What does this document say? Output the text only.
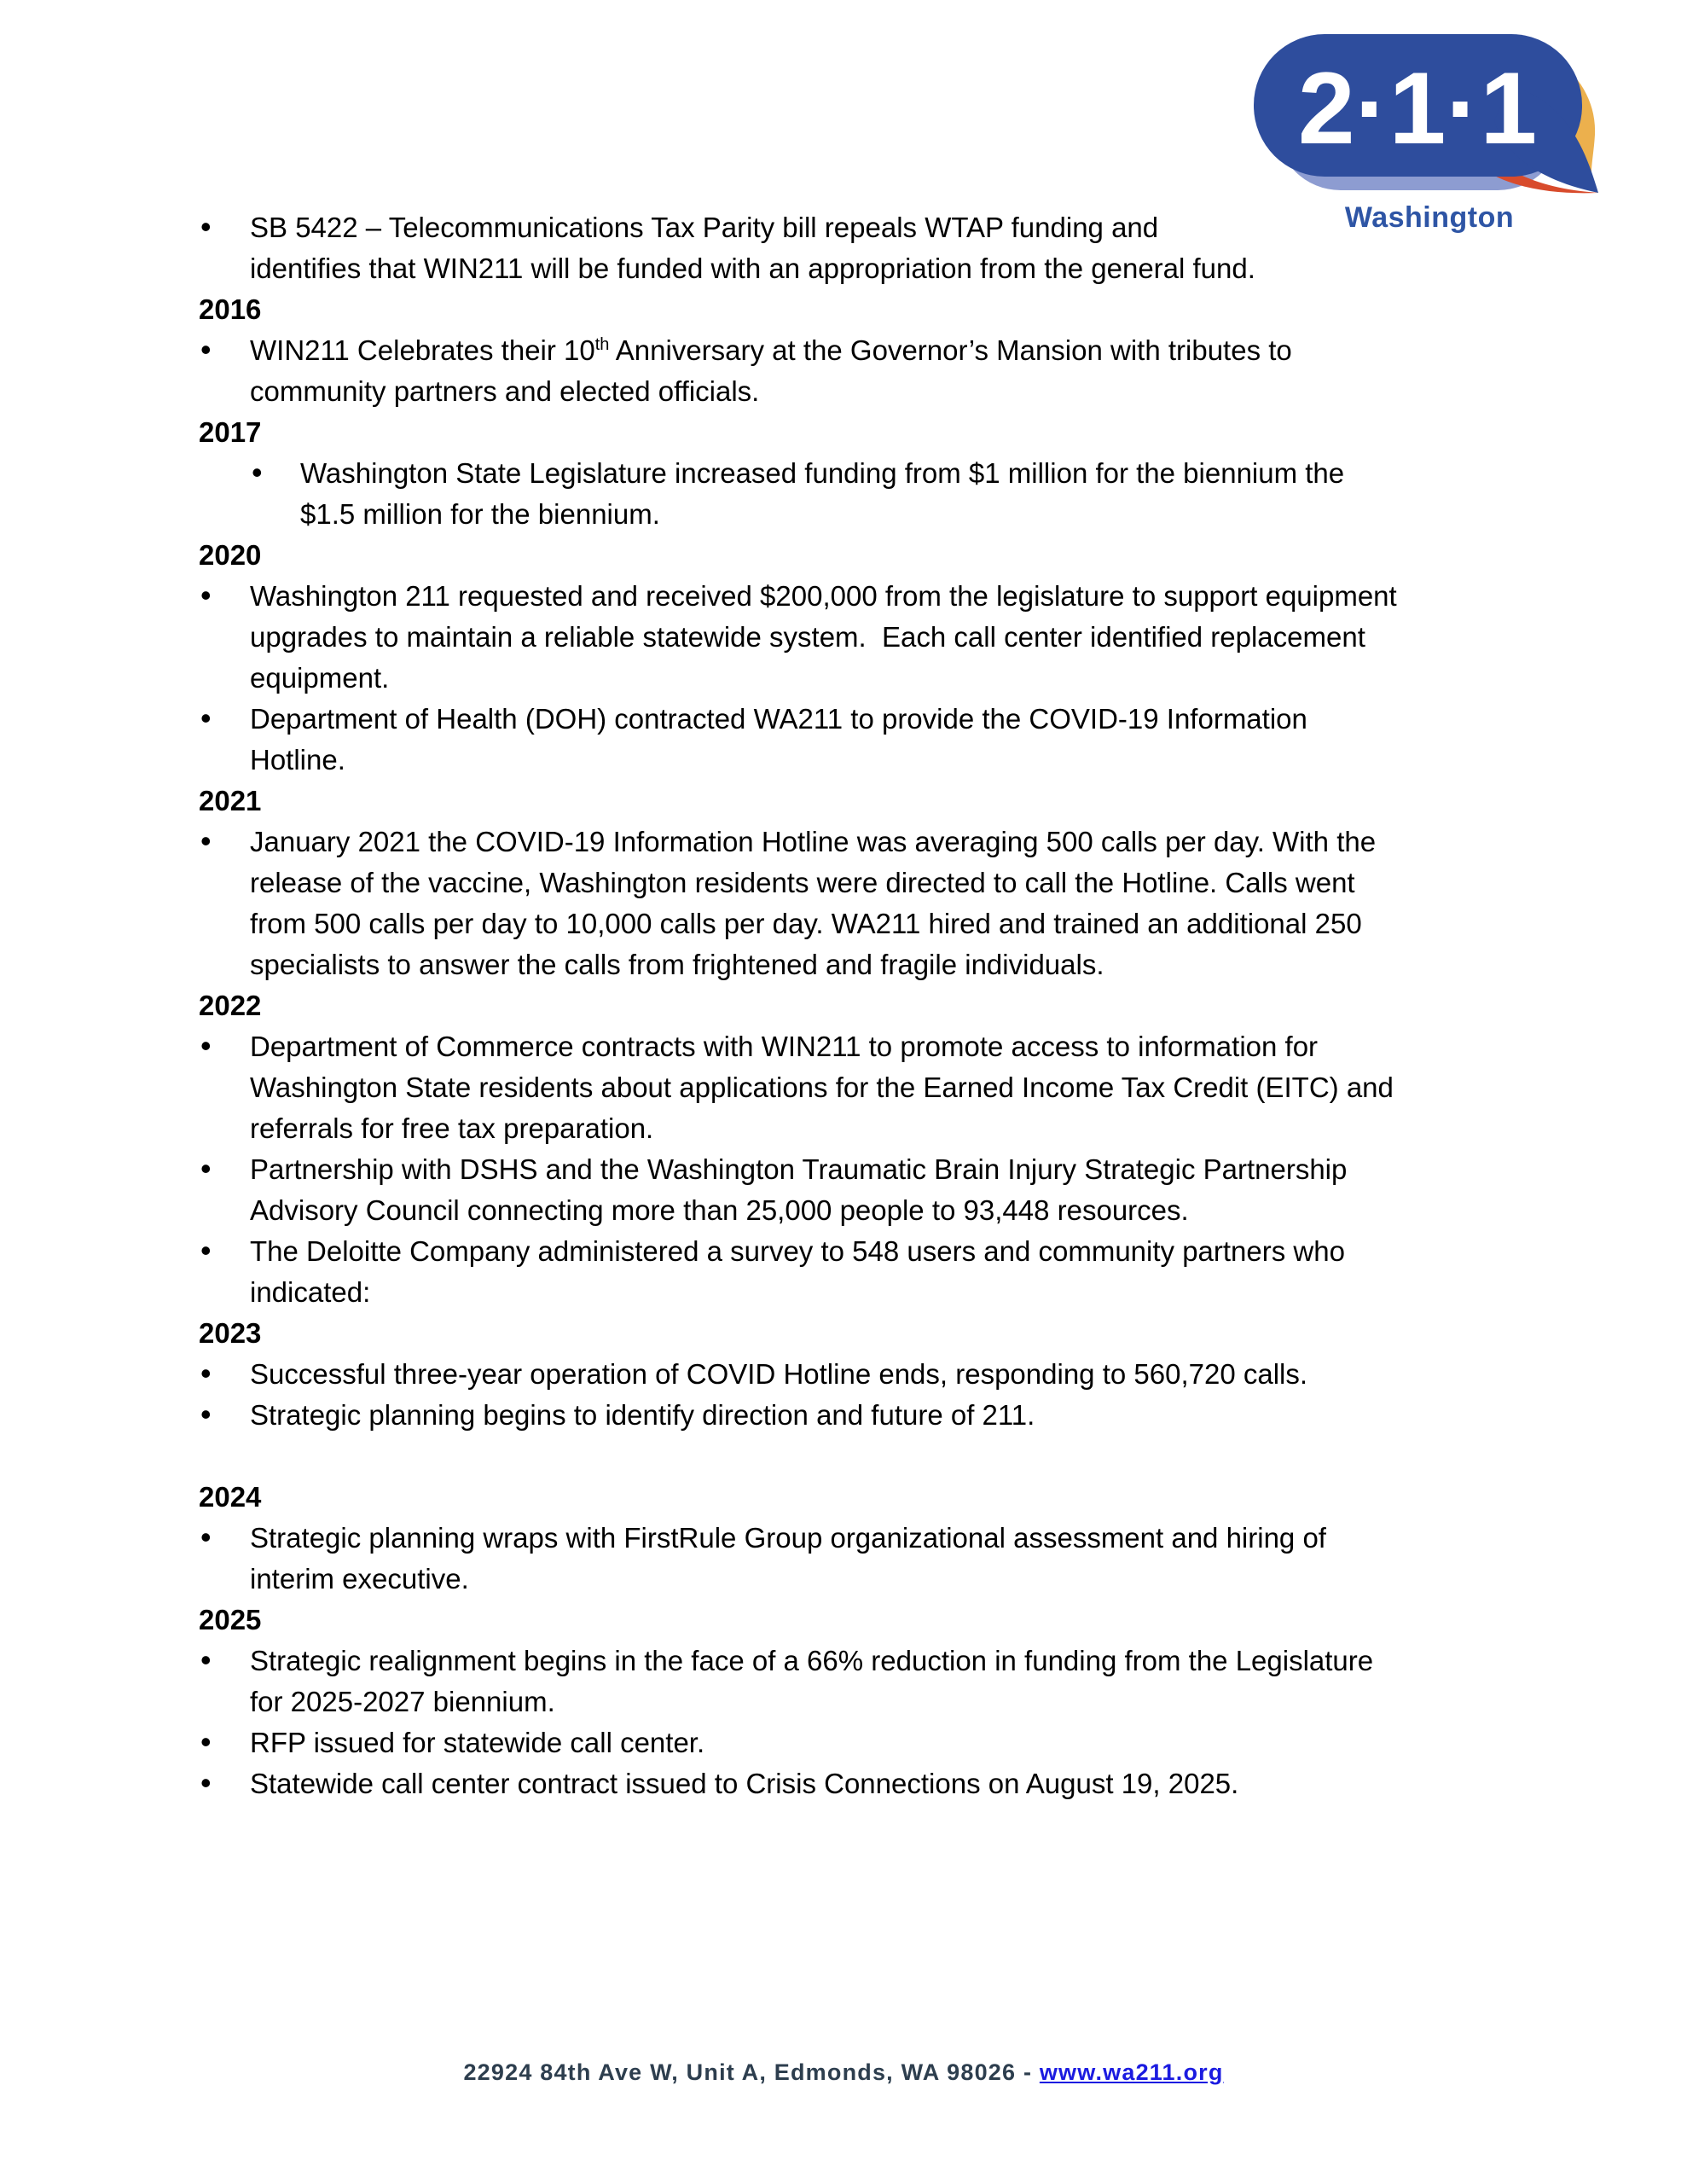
2·1·1
Washington
• SB 5422 – Telecommunications Tax Parity bill repeals WTAP funding and
identifies that WIN211 will be funded with an appropriation from the general fund.
2016
• WIN211 Celebrates their 10th Anniversary at the Governor’s Mansion with tributes to
community partners and elected officials.
2017
• Washington State Legislature increased funding from $1 million for the biennium the
$1.5 million for the biennium.
2020
• Washington 211 requested and received $200,000 from the legislature to support equipment
upgrades to maintain a reliable statewide system.  Each call center identified replacement
equipment.
• Department of Health (DOH) contracted WA211 to provide the COVID-19 Information
Hotline.
2021
• January 2021 the COVID-19 Information Hotline was averaging 500 calls per day. With the
release of the vaccine, Washington residents were directed to call the Hotline. Calls went
from 500 calls per day to 10,000 calls per day. WA211 hired and trained an additional 250
specialists to answer the calls from frightened and fragile individuals.
2022
• Department of Commerce contracts with WIN211 to promote access to information for
Washington State residents about applications for the Earned Income Tax Credit (EITC) and
referrals for free tax preparation.
• Partnership with DSHS and the Washington Traumatic Brain Injury Strategic Partnership
Advisory Council connecting more than 25,000 people to 93,448 resources.
• The Deloitte Company administered a survey to 548 users and community partners who
indicated:
2023
• Successful three-year operation of COVID Hotline ends, responding to 560,720 calls.
• Strategic planning begins to identify direction and future of 211.
2024
• Strategic planning wraps with FirstRule Group organizational assessment and hiring of
interim executive.
2025
• Strategic realignment begins in the face of a 66% reduction in funding from the Legislature
for 2025-2027 biennium.
• RFP issued for statewide call center.
• Statewide call center contract issued to Crisis Connections on August 19, 2025.
22924 84th Ave W, Unit A, Edmonds, WA 98026 - www.wa211.org
